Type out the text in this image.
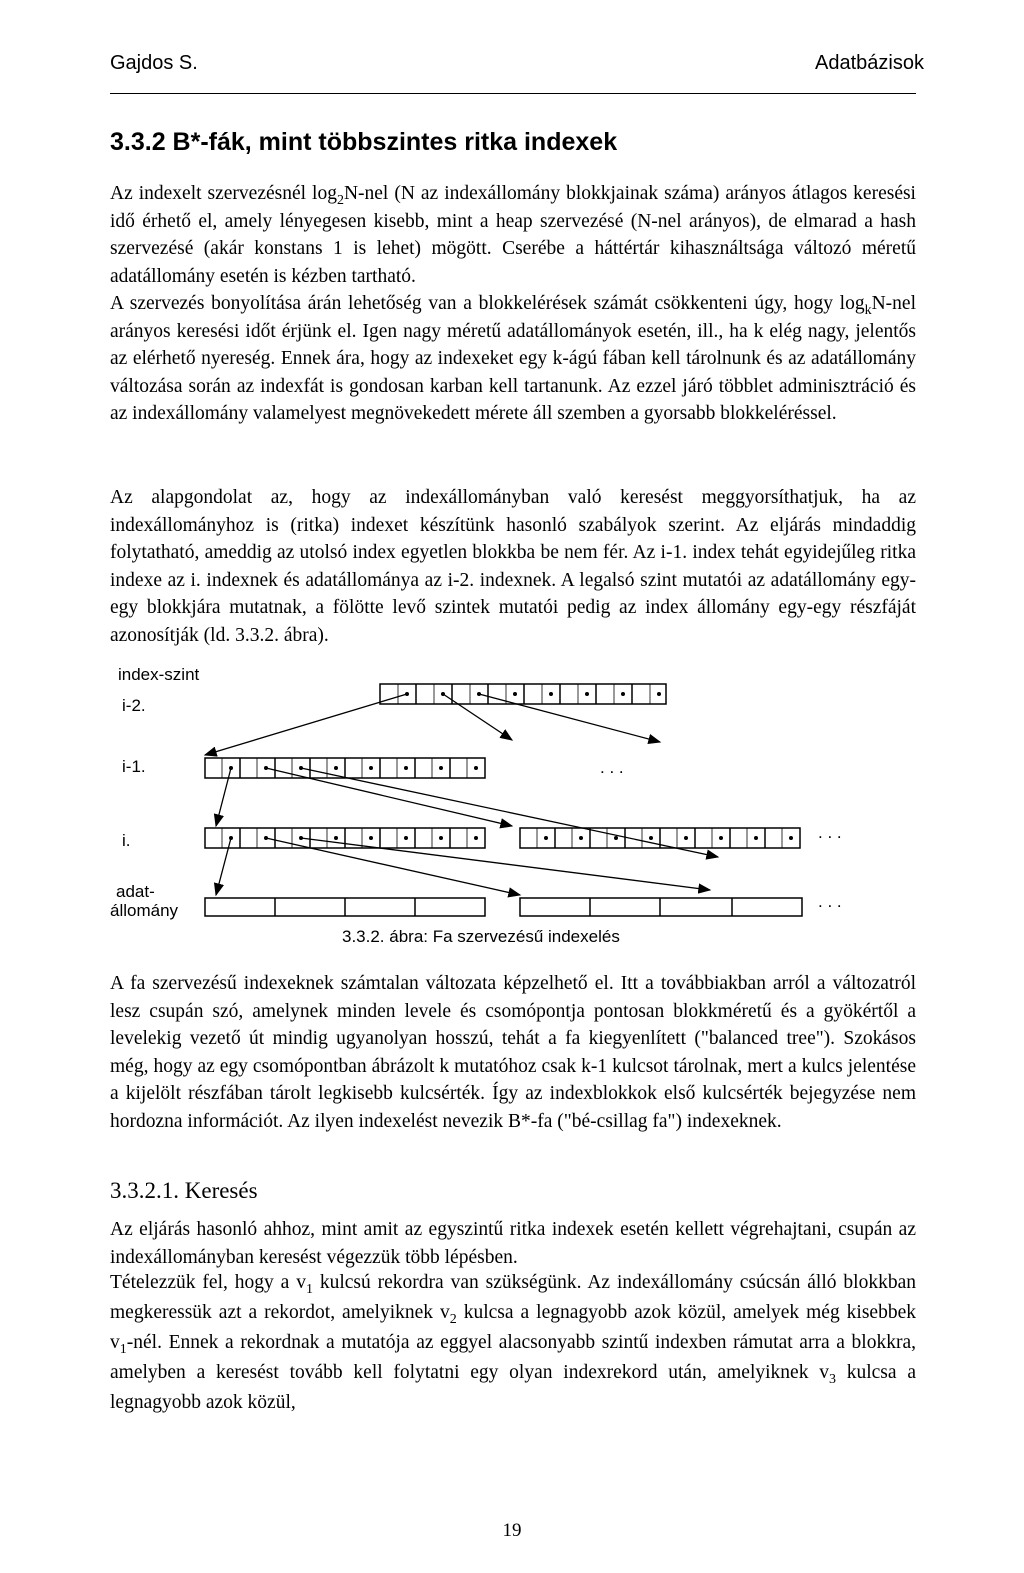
Gajdos S.	Adatbázisok
3.3.2 B*-fák, mint többszintes ritka indexek

Az indexelt szervezésnél $\log_2N$-nel (N az indexállomány blokkjainak száma) arányos átlagos keresési idő érhető el, amely lényegesen kisebb, mint a heap szervezésé (N-nel arányos), de elmarad a hash szervezésé (akár konstans 1 is lehet) mögött. Cserébe a háttértár kihasználtsága változó méretű adatállomány esetén is kézben tartható.

A szervezés bonyolítása árán lehetőség van a blokkelérések számát csökkenteni úgy, hogy $\log_kN$-nel arányos keresési időt érjünk el. Igen nagy méretű adatállományok esetén, ill., ha k elég nagy, jelentős az elérhető nyereség. Ennek ára, hogy az indexeket egy k-ágú fában kell tárolnunk és az adatállomány változása során az indexfát is gondosan karban kell tartanunk. Az ezzel járó többlet adminisztráció és az indexállomány valamelyest megnövekedett mérete áll szemben a gyorsabb blokkeléréssel.

Az alapgondolat az, hogy az indexállományban való keresést meggyorsíthatjuk, ha az indexállományhoz is (ritka) indexet készítünk hasonló szabályok szerint. Az eljárás mindaddig folytatható, ameddig az utolsó index egyetlen blokkba be nem fér. Az i-1. index tehát egyidejűleg ritka indexe az i. indexnek és adatállománya az i-2. indexnek. A legalsó szint mutatói az adatállomány egy-egy blokkjára mutatnak, a fölötte levő szintek mutatói pedig az index állomány egy-egy részfáját azonosítják (ld. 3.3.2. ábra).

index-szint
i-2.
i-1.
i.
adat-
állomány
. . .
. . .
. . .
3.3.2. ábra: Fa szervezésű indexelés

A fa szervezésű indexeknek számtalan változata képzelhető el. Itt a továbbiakban arról a változatról lesz csupán szó, amelynek minden levele és csomópontja pontosan blokkméretű és a gyökértől a levelekig vezető út mindig ugyanolyan hosszú, tehát a fa kiegyenlített ("balanced tree"). Szokásos még, hogy az egy csomópontban ábrázolt k mutatóhoz csak k-1 kulcsot tárolnak, mert a kulcs jelentése a kijelölt részfában tárolt legkisebb kulcsérték. Így az indexblokkok első kulcsérték bejegyzése nem hordozna információt. Az ilyen indexelést nevezik B*-fa ("bé-csillag fa") indexeknek.

3.3.2.1. Keresés

Az eljárás hasonló ahhoz, mint amit az egyszintű ritka indexek esetén kellett végrehajtani, csupán az indexállományban keresést végezzük több lépésben.

Tételezzük fel, hogy a $v_1$ kulcsú rekordra van szükségünk. Az indexállomány csúcsán álló blokkban megkeressük azt a rekordot, amelyiknek $v_2$ kulcsa a legnagyobb azok közül, amelyek még kisebbek $v_1$-nél. Ennek a rekordnak a mutatója az eggyel alacsonyabb szintű indexben rámutat arra a blokkra, amelyben a keresést tovább kell folytatni egy olyan indexrekord után, amelyiknek $v_3$ kulcsa a legnagyobb azok közül,

19
